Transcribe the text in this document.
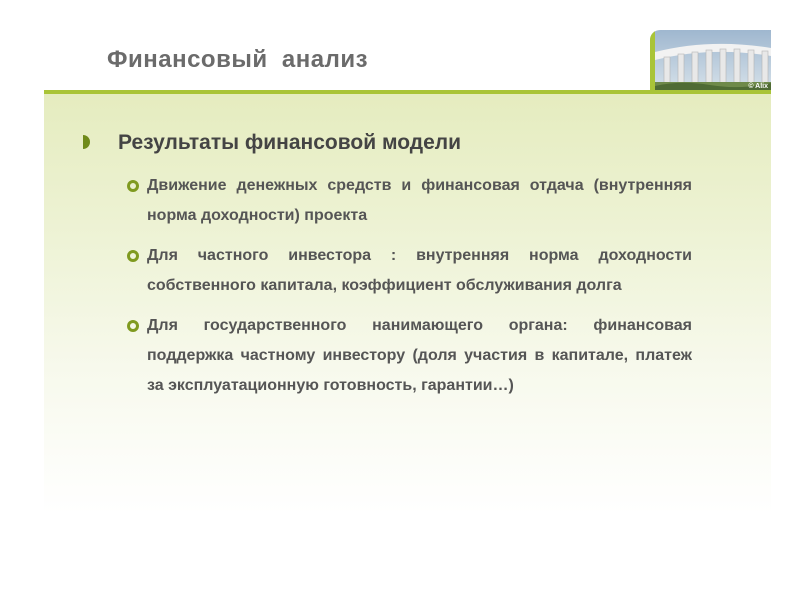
Финансовый  анализ
© Alix
Результаты финансовой модели
Движение денежных средств и финансовая отдача (внутренняя норма доходности) проекта
Для частного инвестора : внутренняя норма доходности собственного капитала, коэффициент обслуживания долга
Для государственного нанимающего органа: финансовая поддержка частному инвестору (доля участия в капитале, платеж за эксплуатационную готовность, гарантии…)
